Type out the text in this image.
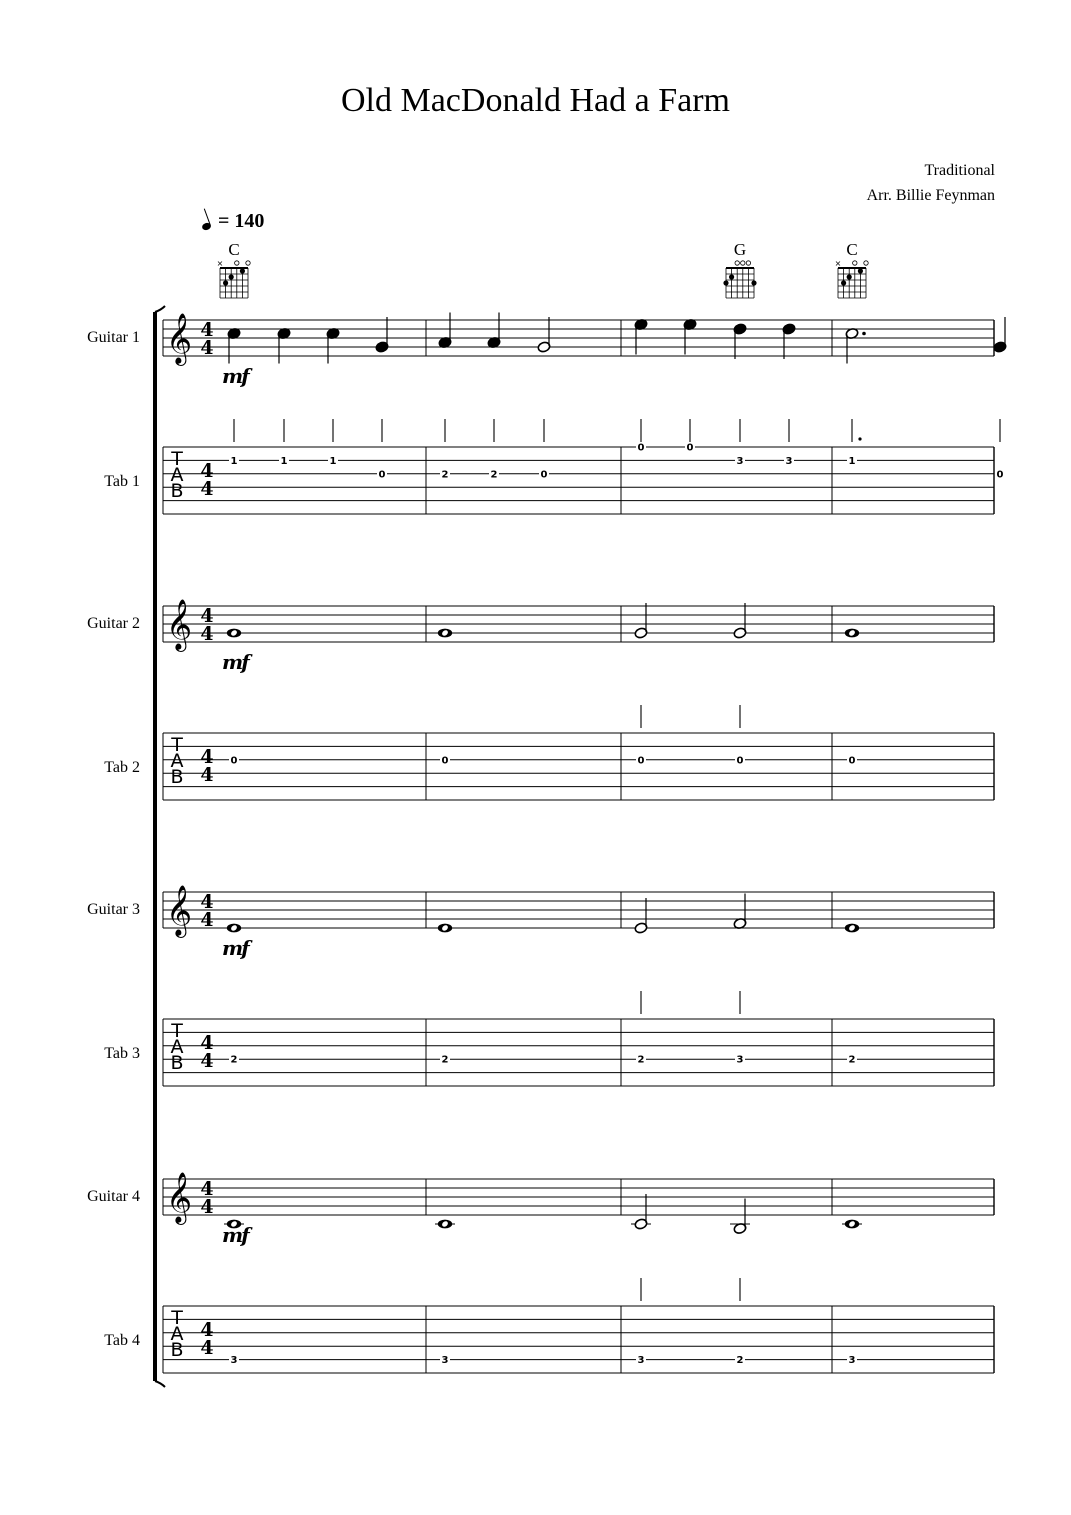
Old MacDonald Had a Farm
Traditional
Arr. Billie Feynman
= 140
×	×
𝄞 4
4
T
A
B
4
4
1	1	1
0	2	2	0
0	0
3	3	1
0
𝄞 4
4
T
A
B
4
4
0	0	0	0	0
𝄞 4
4
T
A
B
4
4 2	2	2	3	2
𝄞 4
4
T
A
B
4
4
3	3	3	2	3
C	G	C
Guitar 1
Tab 1
mf
Guitar 2
Tab 2
mf
Guitar 3
Tab 3
mf
Guitar 4
Tab 4
mf
